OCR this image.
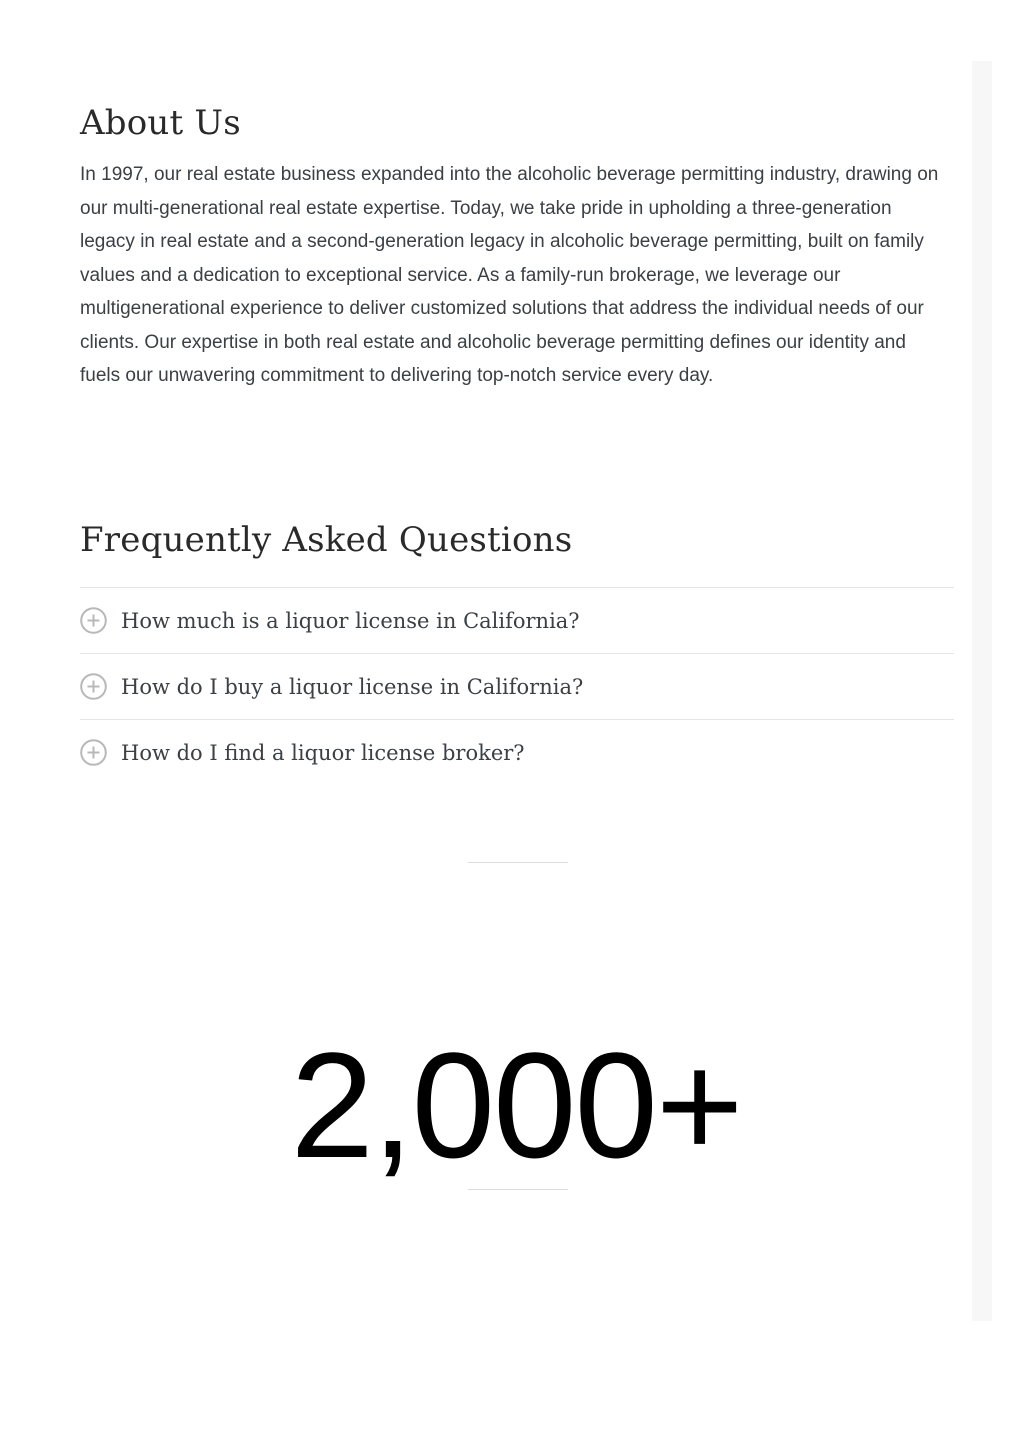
About Us

In 1997, our real estate business expanded into the alcoholic beverage permitting industry, drawing on our multi-generational real estate expertise. Today, we take pride in upholding a three-generation legacy in real estate and a second-generation legacy in alcoholic beverage permitting, built on family values and a dedication to exceptional service. As a family-run brokerage, we leverage our multigenerational experience to deliver customized solutions that address the individual needs of our clients. Our expertise in both real estate and alcoholic beverage permitting defines our identity and fuels our unwavering commitment to delivering top-notch service every day.

Frequently Asked Questions
How much is a liquor license in California?
How do I buy a liquor license in California?
How do I find a liquor license broker?
2,000+
